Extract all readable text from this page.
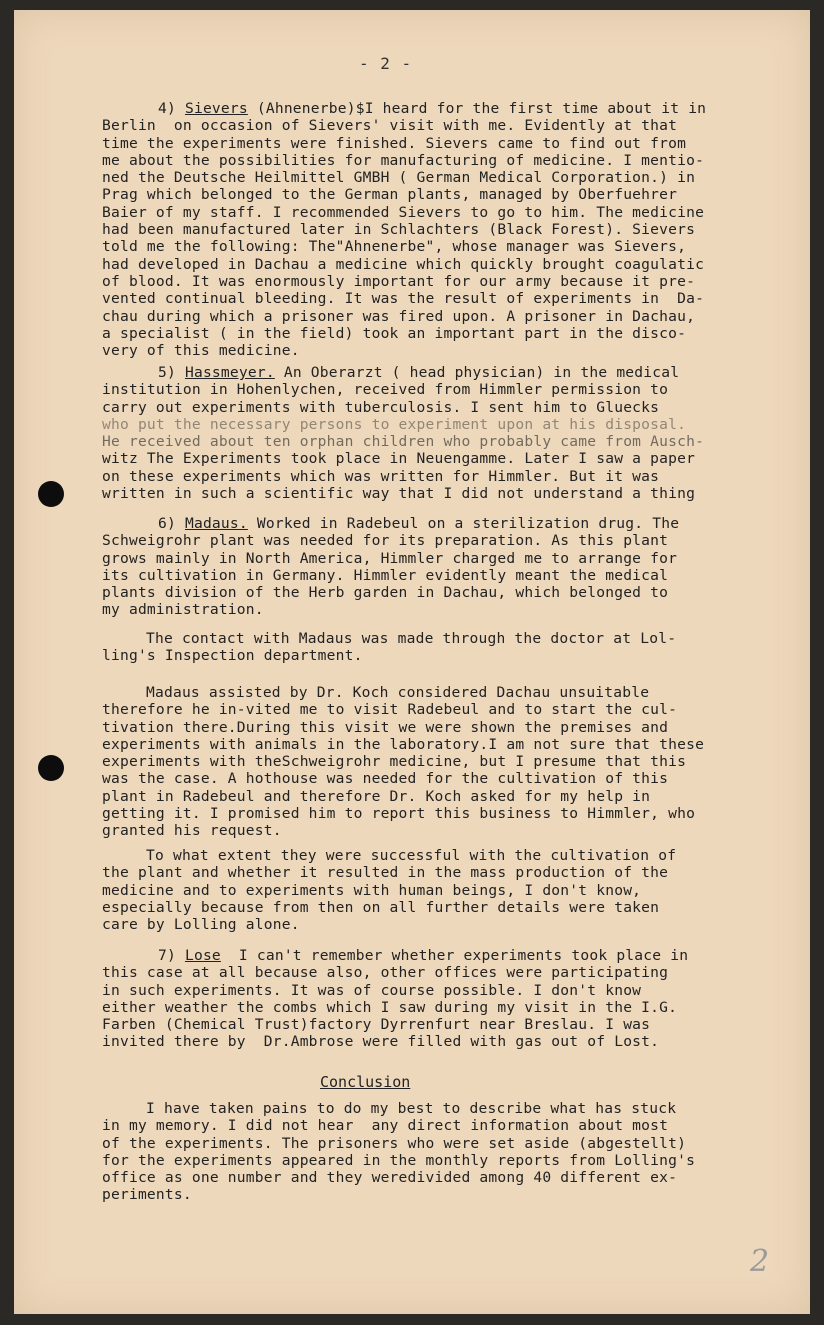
- 2 -

4) Sievers (Ahnenerbe)$I heard for the first time about it in
Berlin  on occasion of Sievers' visit with me. Evidently at that
time the experiments were finished. Sievers came to find out from
me about the possibilities for manufacturing of medicine. I mentio-
ned the Deutsche Heilmittel GMBH ( German Medical Corporation.) in
Prag which belonged to the German plants, managed by Oberfuehrer
Baier of my staff. I recommended Sievers to go to him. The medicine
had been manufactured later in Schlachters (Black Forest). Sievers
told me the following: The"Ahnenerbe", whose manager was Sievers,
had developed in Dachau a medicine which quickly brought coagulatic
of blood. It was enormously important for our army because it pre-
vented continual bleeding. It was the result of experiments in  Da-
chau during which a prisoner was fired upon. A prisoner in Dachau,
a specialist ( in the field) took an important part in the disco-
very of this medicine.

5) Hassmeyer. An Oberarzt ( head physician) in the medical
institution in Hohenlychen, received from Himmler permission to
carry out experiments with tuberculosis. I sent him to Gluecks
who put the necessary persons to experiment upon at his disposal.
He received about ten orphan children who probably came from Ausch-
witz The Experiments took place in Neuengamme. Later I saw a paper
on these experiments which was written for Himmler. But it was
written in such a scientific way that I did not understand a thing

6) Madaus. Worked in Radebeul on a sterilization drug. The
Schweigrohr plant was needed for its preparation. As this plant
grows mainly in North America, Himmler charged me to arrange for
its cultivation in Germany. Himmler evidently meant the medical
plants division of the Herb garden in Dachau, which belonged to
my administration.

The contact with Madaus was made through the doctor at Lol-
ling's Inspection department.

Madaus assisted by Dr. Koch considered Dachau unsuitable
therefore he in-vited me to visit Radebeul and to start the cul-
tivation there.During this visit we were shown the premises and
experiments with animals in the laboratory.I am not sure that these
experiments with theSchweigrohr medicine, but I presume that this
was the case. A hothouse was needed for the cultivation of this
plant in Radebeul and therefore Dr. Koch asked for my help in
getting it. I promised him to report this business to Himmler, who
granted his request.

To what extent they were successful with the cultivation of
the plant and whether it resulted in the mass production of the
medicine and to experiments with human beings, I don't know,
especially because from then on all further details were taken
care by Lolling alone.

7) Lose  I can't remember whether experiments took place in
this case at all because also, other offices were participating
in such experiments. It was of course possible. I don't know
either weather the combs which I saw during my visit in the I.G.
Farben (Chemical Trust)factory Dyrrenfurt near Breslau. I was
invited there by  Dr.Ambrose were filled with gas out of Lost.

Conclusion

I have taken pains to do my best to describe what has stuck
in my memory. I did not hear  any direct information about most
of the experiments. The prisoners who were set aside (abgestellt)
for the experiments appeared in the monthly reports from Lolling's
office as one number and they weredivided among 40 different ex-
periments.

2
